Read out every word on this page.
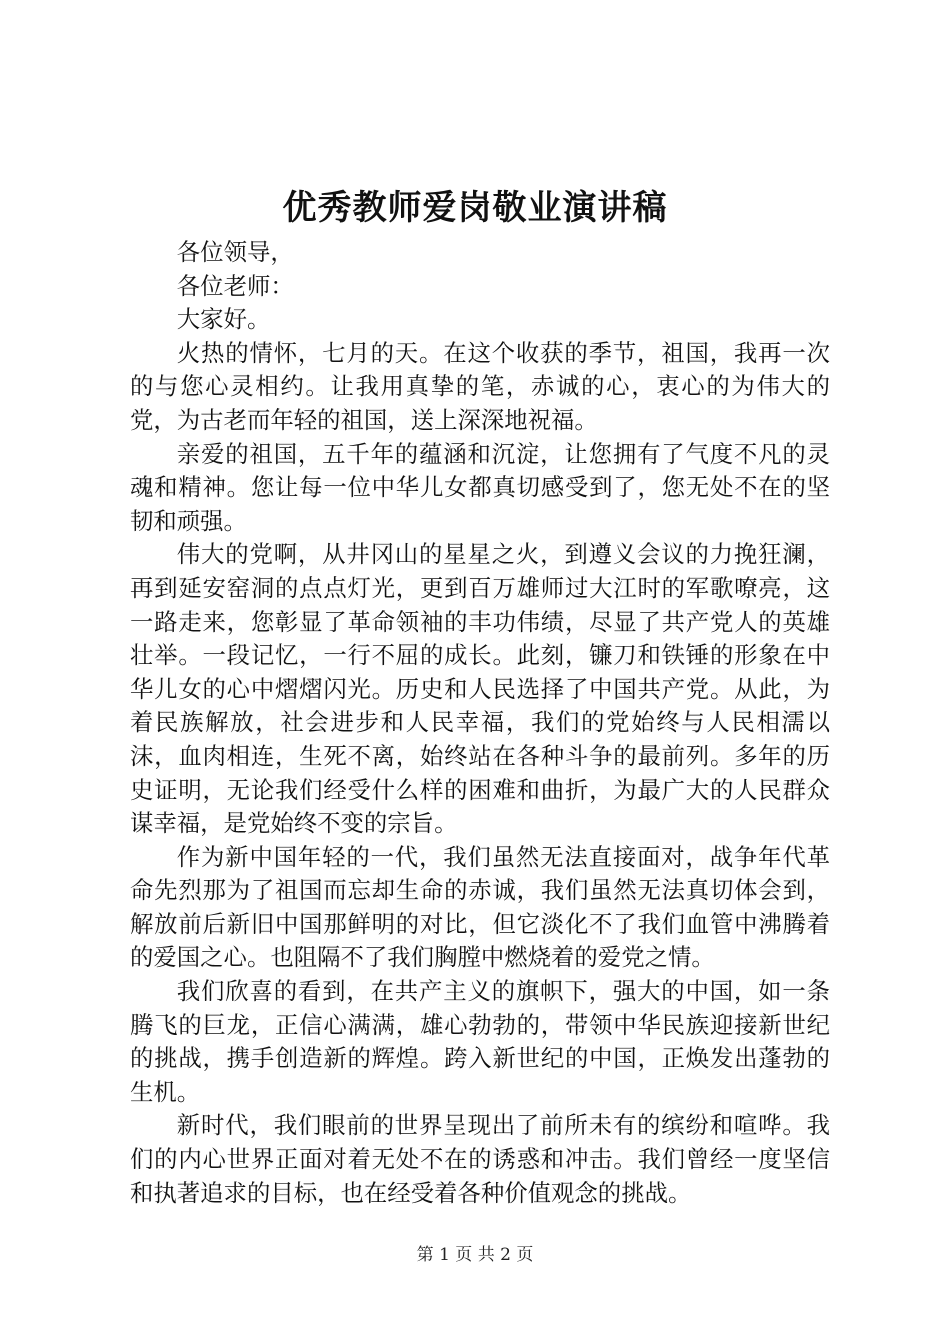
优秀教师爱岗敬业演讲稿

各位领导，

各位老师：

大家好。

火热的情怀，七月的天。在这个收获的季节，祖国，我再一次的与您心灵相约。让我用真挚的笔，赤诚的心，衷心的为伟大的党，为古老而年轻的祖国，送上深深地祝福。

亲爱的祖国，五千年的蕴涵和沉淀，让您拥有了气度不凡的灵魂和精神。您让每一位中华儿女都真切感受到了，您无处不在的坚韧和顽强。

伟大的党啊，从井冈山的星星之火，到遵义会议的力挽狂澜，再到延安窑洞的点点灯光，更到百万雄师过大江时的军歌嘹亮，这一路走来，您彰显了革命领袖的丰功伟绩，尽显了共产党人的英雄壮举。一段记忆，一行不屈的成长。此刻，镰刀和铁锤的形象在中华儿女的心中熠熠闪光。历史和人民选择了中国共产党。从此，为着民族解放，社会进步和人民幸福，我们的党始终与人民相濡以沫，血肉相连，生死不离，始终站在各种斗争的最前列。多年的历史证明，无论我们经受什么样的困难和曲折，为最广大的人民群众谋幸福，是党始终不变的宗旨。

作为新中国年轻的一代，我们虽然无法直接面对，战争年代革命先烈那为了祖国而忘却生命的赤诚，我们虽然无法真切体会到，解放前后新旧中国那鲜明的对比，但它淡化不了我们血管中沸腾着的爱国之心。也阻隔不了我们胸膛中燃烧着的爱党之情。

我们欣喜的看到，在共产主义的旗帜下，强大的中国，如一条腾飞的巨龙，正信心满满，雄心勃勃的，带领中华民族迎接新世纪的挑战，携手创造新的辉煌。跨入新世纪的中国，正焕发出蓬勃的生机。

新时代，我们眼前的世界呈现出了前所未有的缤纷和喧哗。我们的内心世界正面对着无处不在的诱惑和冲击。我们曾经一度坚信和执著追求的目标，也在经受着各种价值观念的挑战。

第 1 页 共 2 页
